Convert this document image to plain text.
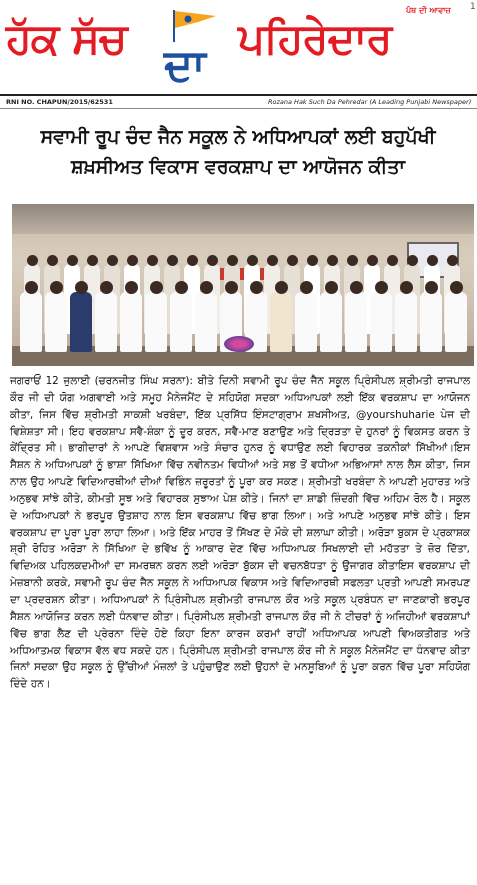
ਹੱਕ ਸੱਚ
ਦਾ
ਪਹਿਰੇਦਾਰ
ਪੰਥ ਦੀ ਆਵਾਜ਼ 1
RNI NO. CHAPUN/2015/62531	Rozana Hak Such Da Pehredar (A Leading Punjabi Newspaper)
ਸਵਾਮੀ ਰੂਪ ਚੰਦ ਜੈਨ ਸਕੂਲ ਨੇ ਅਧਿਆਪਕਾਂ ਲਈ ਬਹੁਪੱਖੀ
ਸ਼ਖ਼ਸੀਅਤ ਵਿਕਾਸ ਵਰਕਸ਼ਾਪ ਦਾ ਆਯੋਜਨ ਕੀਤਾ

ਜਗਰਾਓਂ 12 ਜੁਲਾਈ (ਚਰਨਜੀਤ ਸਿੰਘ ਸਰਨਾ): ਬੀਤੇ ਦਿਨੀ ਸਵਾਮੀ ਰੂਪ ਚੰਦ ਜੈਨ ਸਕੂਲ ਪ੍ਰਿੰਸੀਪਲ ਸ਼੍ਰੀਮਤੀ ਰਾਜਪਾਲ ਕੌਰ ਜੀ ਦੀ ਯੋਗ ਅਗਵਾਈ ਅਤੇ ਸਮੂਹ ਮੈਨੇਜਮੈਂਟ ਦੇ ਸਹਿਯੋਗ ਸਦਕਾ ਅਧਿਆਪਕਾਂ ਲਈ ਇੱਕ ਵਰਕਸ਼ਾਪ ਦਾ ਆਯੋਜਨ ਕੀਤਾ, ਜਿਸ ਵਿੱਚ ਸ਼੍ਰੀਮਤੀ ਸਾਕਸ਼ੀ ਖਰਬੰਦਾ, ਇੱਕ ਪ੍ਰਸਿੱਧ ਇੰਸਟਾਗ੍ਰਾਮ ਸ਼ਖਸੀਅਤ, @yourshuharie ਪੇਜ ਦੀ ਵਿਸ਼ੇਸ਼ਤਾ ਸੀ। ਇਹ ਵਰਕਸ਼ਾਪ ਸਵੈ-ਸ਼ੰਕਾ ਨੂੰ ਦੂਰ ਕਰਨ, ਸਵੈ-ਮਾਣ ਬਣਾਉਣ ਅਤੇ ਦ੍ਰਿੜਤਾ ਦੇ ਹੁਨਰਾਂ ਨੂੰ ਵਿਕਸਤ ਕਰਨ ਤੇ ਕੇਂਦ੍ਰਿਤ ਸੀ। ਭਾਗੀਦਾਰਾਂ ਨੇ ਆਪਣੇ ਵਿਸ਼ਵਾਸ ਅਤੇ ਸੰਚਾਰ ਹੁਨਰ ਨੂੰ ਵਧਾਉਣ ਲਈ ਵਿਹਾਰਕ ਤਕਨੀਕਾਂ ਸਿੱਖੀਆਂ।ਇਸ ਸੈਸ਼ਨ ਨੇ ਅਧਿਆਪਕਾਂ ਨੂੰ ਭਾਸ਼ਾ ਸਿੱਖਿਆ ਵਿੱਚ ਨਵੀਨਤਮ ਵਿਧੀਆਂ ਅਤੇ ਸਭ ਤੋਂ ਵਧੀਆ ਅਭਿਆਸਾਂ ਨਾਲ ਲੈਸ ਕੀਤਾ, ਜਿਸ ਨਾਲ ਉਹ ਆਪਣੇ ਵਿਦਿਆਰਥੀਆਂ ਦੀਆਂ ਵਿਭਿੰਨ ਜ਼ਰੂਰਤਾਂ ਨੂੰ ਪੂਰਾ ਕਰ ਸਕਣ। ਸ਼੍ਰੀਮਤੀ ਖਰਬੰਦਾ ਨੇ ਆਪਣੀ ਮੁਹਾਰਤ ਅਤੇ ਅਨੁਭਵ ਸਾਂਝੇ ਕੀਤੇ, ਕੀਮਤੀ ਸੂਝ ਅਤੇ ਵਿਹਾਰਕ ਸੁਝਾਅ ਪੇਸ਼ ਕੀਤੇ। ਜਿਨਾਂ ਦਾ ਸ਼ਾਡੀ ਜ਼ਿੰਦਗੀ ਵਿੱਚ ਅਹਿਮ ਰੋਲ ਹੈ। ਸਕੂਲ ਦੇ ਅਧਿਆਪਕਾਂ ਨੇ ਭਰਪੂਰ ਉਤਸ਼ਾਹ ਨਾਲ ਇਸ ਵਰਕਸ਼ਾਪ ਵਿੱਚ ਭਾਗ ਲਿਆ। ਅਤੇ ਆਪਣੇ ਅਨੁਭਵ ਸਾਂਝੇ ਕੀਤੇ। ਇਸ ਵਰਕਸ਼ਾਪ ਦਾ ਪੂਰਾ ਪੂਰਾ ਲਾਹਾ ਲਿਆ। ਅਤੇ ਇੱਕ ਮਾਹਰ ਤੋਂ ਸਿੱਖਣ ਦੇ ਮੌਕੇ ਦੀ ਸ਼ਲਾਘਾ ਕੀਤੀ। ਅਰੋੜਾ ਬੁਕਸ ਦੇ ਪ੍ਰਕਾਸ਼ਕ ਸ਼੍ਰੀ ਰੋਹਿਤ ਅਰੋੜਾ ਨੇ ਸਿੱਖਿਆ ਦੇ ਭਵਿੱਖ ਨੂੰ ਆਕਾਰ ਦੇਣ ਵਿੱਚ ਅਧਿਆਪਕ ਸਿਖਲਾਈ ਦੀ ਮਹੱਤਤਾ ਤੇ ਜ਼ੋਰ ਦਿੱਤਾ, ਵਿਦਿਅਕ ਪਹਿਲਕਦਮੀਆਂ ਦਾ ਸਮਰਥਨ ਕਰਨ ਲਈ ਅਰੋੜਾ ਬੁੱਕਸ ਦੀ ਵਚਨਬੱਧਤਾ ਨੂੰ ਉਜਾਗਰ ਕੀਤਾਇਸ ਵਰਕਸ਼ਾਪ ਦੀ ਮੇਜ਼ਬਾਨੀ ਕਰਕੇ, ਸਵਾਮੀ ਰੂਪ ਚੰਦ ਜੈਨ ਸਕੂਲ ਨੇ ਅਧਿਆਪਕ ਵਿਕਾਸ ਅਤੇ ਵਿਦਿਆਰਥੀ ਸਫਲਤਾ ਪ੍ਰਤੀ ਆਪਣੀ ਸਮਰਪਣ ਦਾ ਪ੍ਰਦਰਸ਼ਨ ਕੀਤਾ। ਅਧਿਆਪਕਾਂ ਨੇ ਪ੍ਰਿੰਸੀਪਲ ਸ਼੍ਰੀਮਤੀ ਰਾਜਪਾਲ ਕੌਰ ਅਤੇ ਸਕੂਲ ਪ੍ਰਬੰਧਨ ਦਾ ਜਾਣਕਾਰੀ ਭਰਪੂਰ ਸੈਸ਼ਨ ਆਯੋਜਿਤ ਕਰਨ ਲਈ ਧੰਨਵਾਦ ਕੀਤਾ। ਪ੍ਰਿੰਸੀਪਲ ਸ਼੍ਰੀਮਤੀ ਰਾਜਪਾਲ ਕੌਰ ਜੀ ਨੇ ਟੀਚਰਾਂ ਨੂੰ ਅਜਿਹੀਆਂ ਵਰਕਸ਼ਾਪਾਂ ਵਿੱਚ ਭਾਗ ਲੈਣ ਦੀ ਪ੍ਰੇਰਨਾ ਦਿੰਦੇ ਹੋਏ ਕਿਹਾ ਇਨਾ ਕਾਰਜ ਕਰਮਾਂ ਰਾਹੀਂ ਅਧਿਆਪਕ ਆਪਣੀ ਵਿਅਕਤੀਗਤ ਅਤੇ ਅਧਿਆਤਮਕ ਵਿਕਾਸ ਵੱਲ ਵਧ ਸਕਦੇ ਹਨ। ਪ੍ਰਿੰਸੀਪਲ ਸ਼੍ਰੀਮਤੀ ਰਾਜਪਾਲ ਕੌਰ ਜੀ ਨੇ ਸਕੂਲ ਮੈਨੇਜਮੈਂਟ ਦਾ ਧੰਨਵਾਦ ਕੀਤਾ ਜਿਨਾਂ ਸਦਕਾ ਉਹ ਸਕੂਲ ਨੂੰ ਉੱਚੀਆਂ ਮੰਜ਼ਲਾਂ ਤੇ ਪਹੁੰਚਾਉਣ ਲਈ ਉਹਨਾਂ ਦੇ ਮਨਸੂਬਿਆਂ ਨੂੰ ਪੂਰਾ ਕਰਨ ਵਿੱਚ ਪੂਰਾ ਸਹਿਯੋਗ ਦਿੰਦੇ ਹਨ।
